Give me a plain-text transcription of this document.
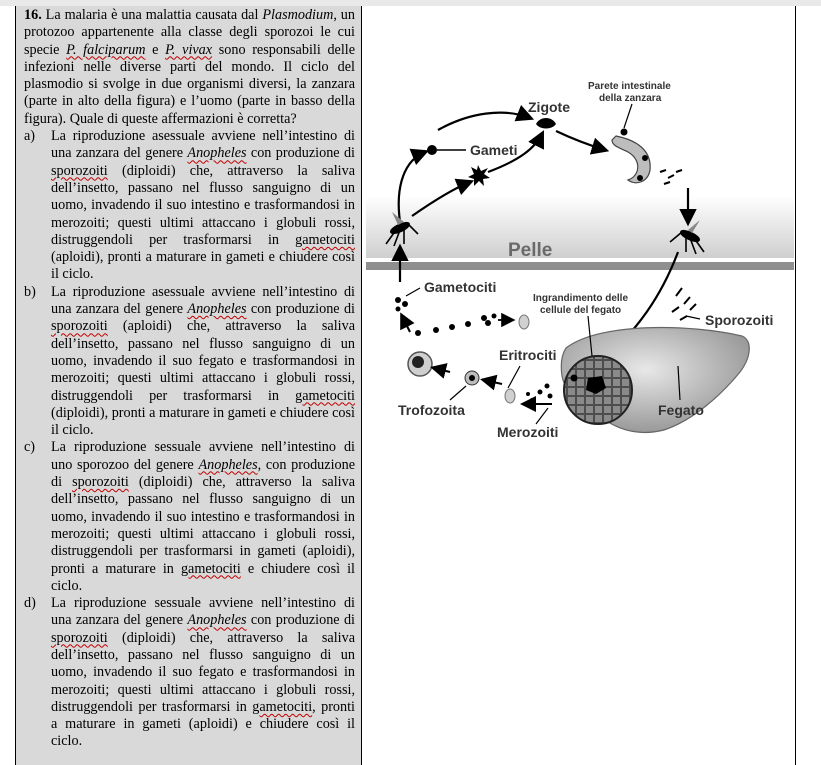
16. La malaria è una malattia causata dal Plasmodium, un protozoo appartenente alla classe degli sporozoi le cui specie P. falciparum e P. vivax sono responsabili delle infezioni nelle diverse parti del mondo. Il ciclo del plasmodio si svolge in due organismi diversi, la zanzara (parte in alto della figura) e l’uomo (parte in basso della figura). Quale di queste affermazioni è corretta?

a)	La riproduzione asessuale avviene nell’intestino di una zanzara del genere Anopheles con produzione di sporozoiti (diploidi) che, attraverso la saliva dell’insetto, passano nel flusso sanguigno di un uomo, invadendo il suo intestino e trasformandosi in merozoiti; questi ultimi attaccano i globuli rossi, distruggendoli per trasformarsi in gametociti (aploidi), pronti a maturare in gameti e chiudere così il ciclo.
b)	La riproduzione asessuale avviene nell’intestino di una zanzara del genere Anopheles con produzione di sporozoiti (aploidi) che, attraverso la saliva dell’insetto, passano nel flusso sanguigno di un uomo, invadendo il suo fegato e trasformandosi in merozoiti; questi ultimi attaccano i globuli rossi, distruggendoli per trasformarsi in gametociti (diploidi), pronti a maturare in gameti e chiudere così il ciclo.
c)	La riproduzione sessuale avviene nell’intestino di uno sporozoo del genere Anopheles, con produzione di sporozoiti (diploidi) che, attraverso la saliva dell’insetto, passano nel flusso sanguigno di un uomo, invadendo il suo intestino e trasformandosi in merozoiti; questi ultimi attaccano i globuli rossi, distruggendoli per trasformarsi in gameti (aploidi), pronti a maturare in gametociti e chiudere così il ciclo.
d)	La riproduzione sessuale avviene nell’intestino di una zanzara del genere Anopheles con produzione di sporozoiti (diploidi) che, attraverso la saliva dell’insetto, passano nel flusso sanguigno di un uomo, invadendo il suo fegato e trasformandosi in merozoiti; questi ultimi attaccano i globuli rossi, distruggendoli per trasformarsi in gametociti, pronti a maturare in gameti (aploidi) e chiudere così il ciclo.
Pelle
Gameti
Zigote
Parete intestinale
della zanzara
Gametociti
Trofozoita
Eritrociti
Merozoiti
Ingrandimento delle
cellule del fegato
Sporozoiti
Fegato
